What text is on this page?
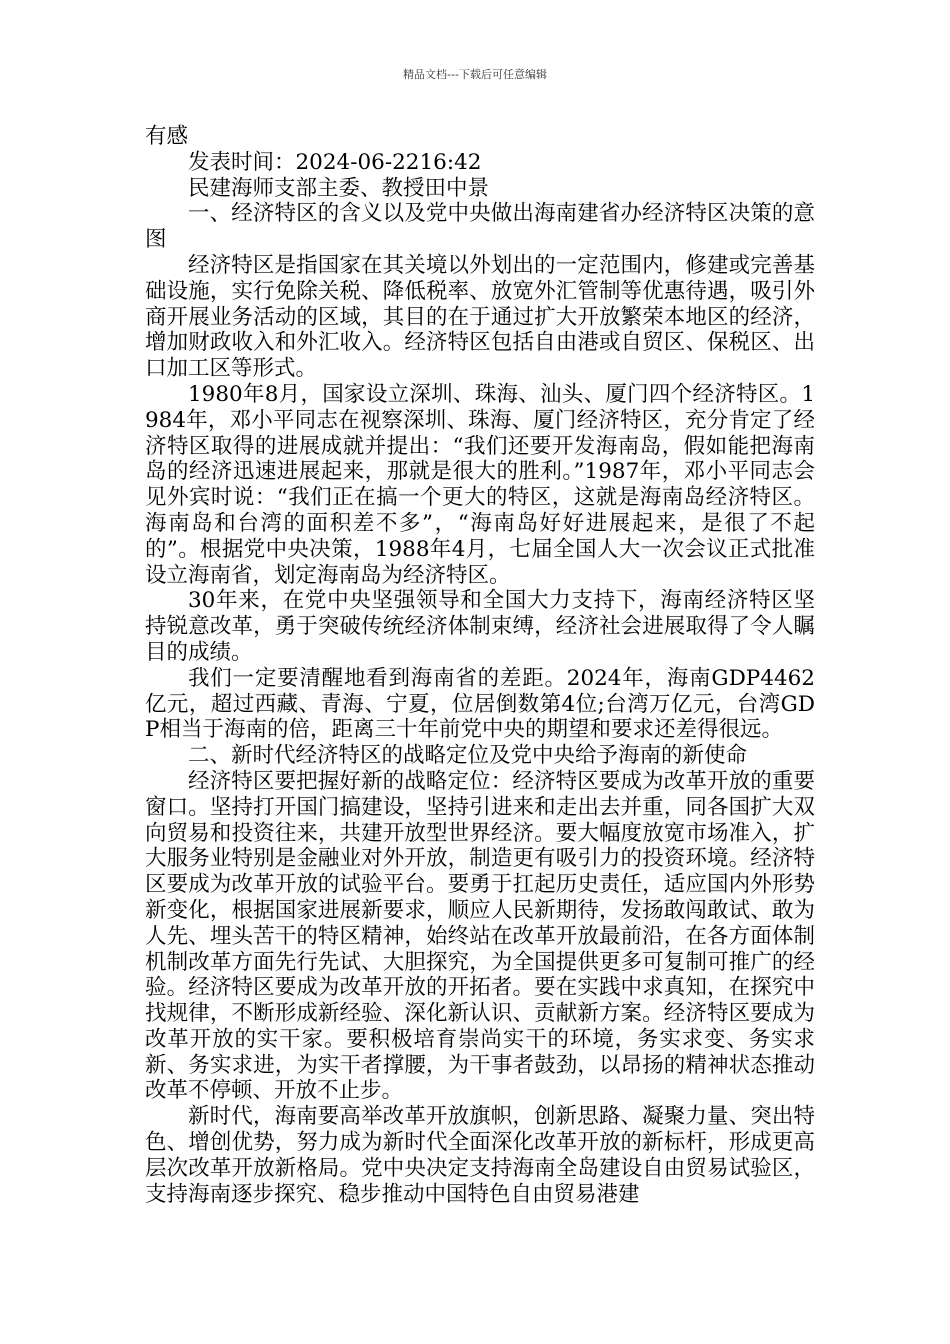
精品文档---下载后可任意编辑

有感

发表时间：2024-06-2216:42

民建海师支部主委、教授田中景

一、经济特区的含义以及党中央做出海南建省办经济特区决策的意图

经济特区是指国家在其关境以外划出的一定范围内，修建或完善基础设施，实行免除关税、降低税率、放宽外汇管制等优惠待遇，吸引外商开展业务活动的区域，其目的在于通过扩大开放繁荣本地区的经济，增加财政收入和外汇收入。经济特区包括自由港或自贸区、保税区、出口加工区等形式。

1980年8月，国家设立深圳、珠海、汕头、厦门四个经济特区。1984年，邓小平同志在视察深圳、珠海、厦门经济特区，充分肯定了经济特区取得的进展成就并提出：“我们还要开发海南岛，假如能把海南岛的经济迅速进展起来，那就是很大的胜利。”1987年，邓小平同志会见外宾时说：“我们正在搞一个更大的特区，这就是海南岛经济特区。海南岛和台湾的面积差不多”，“海南岛好好进展起来，是很了不起的”。根据党中央决策，1988年4月，七届全国人大一次会议正式批准设立海南省，划定海南岛为经济特区。

30年来，在党中央坚强领导和全国大力支持下，海南经济特区坚持锐意改革，勇于突破传统经济体制束缚，经济社会进展取得了令人瞩目的成绩。

我们一定要清醒地看到海南省的差距。2024年，海南GDP4462亿元，超过西藏、青海、宁夏，位居倒数第4位;台湾万亿元，台湾GDP相当于海南的倍，距离三十年前党中央的期望和要求还差得很远。

二、新时代经济特区的战略定位及党中央给予海南的新使命

经济特区要把握好新的战略定位：经济特区要成为改革开放的重要窗口。坚持打开国门搞建设，坚持引进来和走出去并重，同各国扩大双向贸易和投资往来，共建开放型世界经济。要大幅度放宽市场准入，扩大服务业特别是金融业对外开放，制造更有吸引力的投资环境。经济特区要成为改革开放的试验平台。要勇于扛起历史责任，适应国内外形势新变化，根据国家进展新要求，顺应人民新期待，发扬敢闯敢试、敢为人先、埋头苦干的特区精神，始终站在改革开放最前沿，在各方面体制机制改革方面先行先试、大胆探究，为全国提供更多可复制可推广的经验。经济特区要成为改革开放的开拓者。要在实践中求真知，在探究中找规律，不断形成新经验、深化新认识、贡献新方案。经济特区要成为改革开放的实干家。要积极培育崇尚实干的环境，务实求变、务实求新、务实求进，为实干者撑腰，为干事者鼓劲，以昂扬的精神状态推动改革不停顿、开放不止步。

新时代，海南要高举改革开放旗帜，创新思路、凝聚力量、突出特色、增创优势，努力成为新时代全面深化改革开放的新标杆，形成更高层次改革开放新格局。党中央决定支持海南全岛建设自由贸易试验区，支持海南逐步探究、稳步推动中国特色自由贸易港建
